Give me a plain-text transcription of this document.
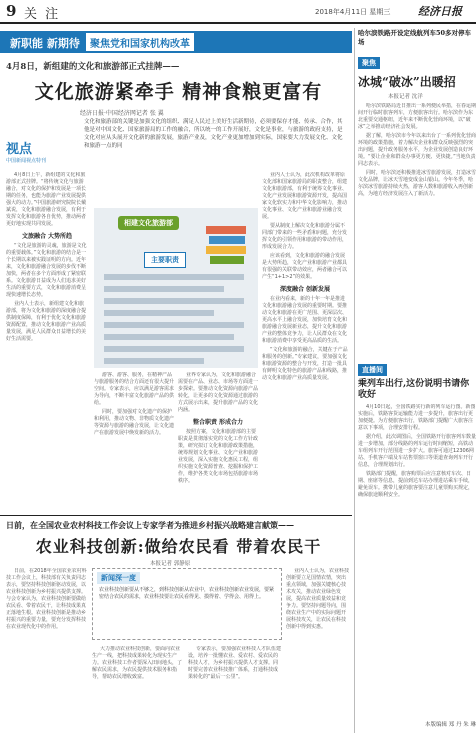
9 关 注	2018年4月11日 星期三	经济日报
新职能 新期待	聚焦党和国家机构改革
4月8日，新组建的文化和旅游部正式挂牌——
文化旅游紧牵手 精神食粮更富有
经济日报·中国经济网记者 张 翼
文化和旅游部的关键是加强文化的组织、满足人民过上美好生活新期待，必须要保存才能、传承、合作，其他是对中国文化、国家旅游局的工作的融合，所以统一的工作开展好，文化是事业，与旅游的政府支持，是文化对应从头展开文化新的旅游发展，旅游产业及，文化产业更加增加到实际，国家要大力发展文化、文化和旅游一点的同
视点
中国新闻视点特刊

4月8日上午，新组建的文化和旅游部正式挂牌。“将传统文化与旅游融合，对文化的保护和发展是一项长期的任务，也能为旅游产业发展提供强大的动力。”中国旅游研究院院长戴斌说，文化和旅游融合发展，有利于发挥文化和旅游各自优势，推动两者更好地实现共同发展。

文旅融合 大势所趋

“文化是旅游的灵魂，旅游是文化的重要载体。”文化和旅游的结合是一个长期以来被实践证明的方向。近年来，文化和旅游融合发展的步伐不断加快，两者在多个方面形成了紧密联系。文化旅游日益成为人们追求美好生活的重要方式，文化和旅游消费呈现快速增长态势。

业内人士表示，新组建文化和旅游部，将为文化和旅游的深度融合提供制度保障，有利于优化文化和旅游资源配置，推动文化和旅游产业高质量发展，满足人民群众日益增长的美好生活需要。

相建文化旅游部
主要职责

游客、游客、服务，在精神产品与旅游服务的结合方面还有很大提升空间。专家表示，应以满足游客需求为导向，不断丰富文化旅游产品的供给。

同时，要加强对文化遗产的保护和利用，推动文物、非物质文化遗产等资源与旅游的融合发展，让文化遗产在旅游发展中焕发新的活力。

业界专家认为，文化和旅游融合需要在产品、业态、市场等方面进一步探索。要推动文化资源向旅游产品转化，让更多的文化资源通过旅游的方式展示出来，提升旅游产品的文化内涵。

整合职责 形成合力

按照方案，文化和旅游部的主要职责是贯彻落实党的文化工作方针政策，研究拟订文化和旅游政策措施，统筹规划文化事业、文化产业和旅游业发展，深入实施文化惠民工程，组织实施文化资源普查、挖掘和保护工作，维护各类文化市场包括旅游市场秩序。

业内人士认为，此次机构改革将原文化部和国家旅游局的职责整合，组建文化和旅游部，有利于统筹文化事业、文化产业发展和旅游资源开发，提高国家文化软实力和中华文化影响力，推动文化事业、文化产业和旅游业融合发展。

要从制度上解决文化和旅游分属不同部门带来的一些矛盾和问题，充分发挥文化的引领作用和旅游的带动作用，形成发展合力。

应该看到，文化和旅游的融合发展是大势所趋，文化产业和旅游产业都具有很强的关联带动效应，两者融合可以产生“1+1>2”的效果。

深度融合 创新发展

在业内看来，新的十年一年是推进文化和旅游融合发展的重要时期。要推动文化和旅游在更广范围、更深层次、更高水平上融合发展，加快培育文化和旅游融合发展新业态，提升文化和旅游产业的整体竞争力，让人民群众在文化和旅游消费中享受更高品质的生活。

“文化和旅游的融合，关键在于产品和服务的创新。”专家建议，要加强文化和旅游资源的整合与开发，打造一批具有鲜明文化特色的旅游产品和线路，推动文化和旅游产业高质量发展。

日前，在全国农业农村科技工作会议上专家学者为推进乡村振兴战略建言献策——
农业科技创新:做给农民看 带着农民干
本报记者 郭静原
新闻深一度
农业科技创新要从不够之，到科技创新从农业中，农业科技创新农业发展，要紧密结合农民的需求，农业科技要让农民看得见、摸得着、学得会、用得上。

日前，在2018年全国农业农村科技工作会议上，科技部有关负责同志表示，要坚持科技创新驱动发展，以农业科技创新为乡村振兴提供支撑。与会专家认为，农业科技创新要做给农民看、带着农民干，让科技成果真正落地生根。农业科技创新是推动乡村振兴的重要力量，要充分发挥科技在农业现代化中的作用。

大力推动农业科技创新，要面向农业生产一线，把科技成果转化为现实生产力。农业科技工作者要深入田间地头，了解农民需求，为农民提供技术服务和指导，帮助农民增收致富。

专家表示，要加强农业科技人才队伍建设，培养一批懂农业、爱农村、爱农民的科技人才，为乡村振兴提供人才支撑。同时要完善农业科技推广体系，打通科技成果转化的“最后一公里”。

业内人士认为，农业科技创新要立足国情农情，突出重点领域，加强关键核心技术攻关，推动农业绿色发展，提高农业质量效益和竞争力。要坚持问题导向，围绕农业生产中的实际问题开展科技攻关，让农民在科技创新中得到实惠。

哈尔滨铁路开设定线航列车50多对停车场
聚焦
冰城“破冰”出暖招
本报记者 沈洋

哈尔滨铁路局近日推出一系列便民举措，在春运期间开行临时旅客列车，方便旅客出行。哈尔滨作为东北重要交通枢纽，近年来不断优化营商环境，以“破冰”之举推动经济社会发展。

据了解，哈尔滨市今年以来出台了一系列优化营商环境的政策措施，着力解决企业和群众反映强烈的突出问题，提升政务服务水平，为企业发展创造良好环境。“要让企业和群众办事更方便、更快捷。”当地负责同志表示。

同时，哈尔滨还积极推进冰雪旅游发展，打造冰雪文化品牌，让冰天雪地变成金山银山。今年冬季，哈尔滨冰雪旅游持续火热，游客人数和旅游收入再创新高，为地方经济发展注入了新活力。

直播间
乘列车出行,这份说明书请你收好

4月10日起，全国铁路实行新的列车运行图。新图实施后，铁路客货运输能力进一步提升，旅客出行更加便捷。为方便旅客出行，铁路部门提醒广大旅客注意以下事项，合理安排行程。

据介绍，此次调图后，全国铁路开行旅客列车数量进一步增加，部分线路的列车运行时间缩短，高铁动车组列车开行范围进一步扩大。旅客可通过12306网站、手机客户端及车站售票窗口等渠道查询列车开行信息，合理规划出行。

铁路部门提醒，旅客购票后应注意核对车次、日期、座席等信息，提前到达车站办理进站乘车手续，避免误车。携带儿童的旅客要注意儿童票购买规定，确保旅途顺利安全。

本版编辑 郑 丹 朱 琳
